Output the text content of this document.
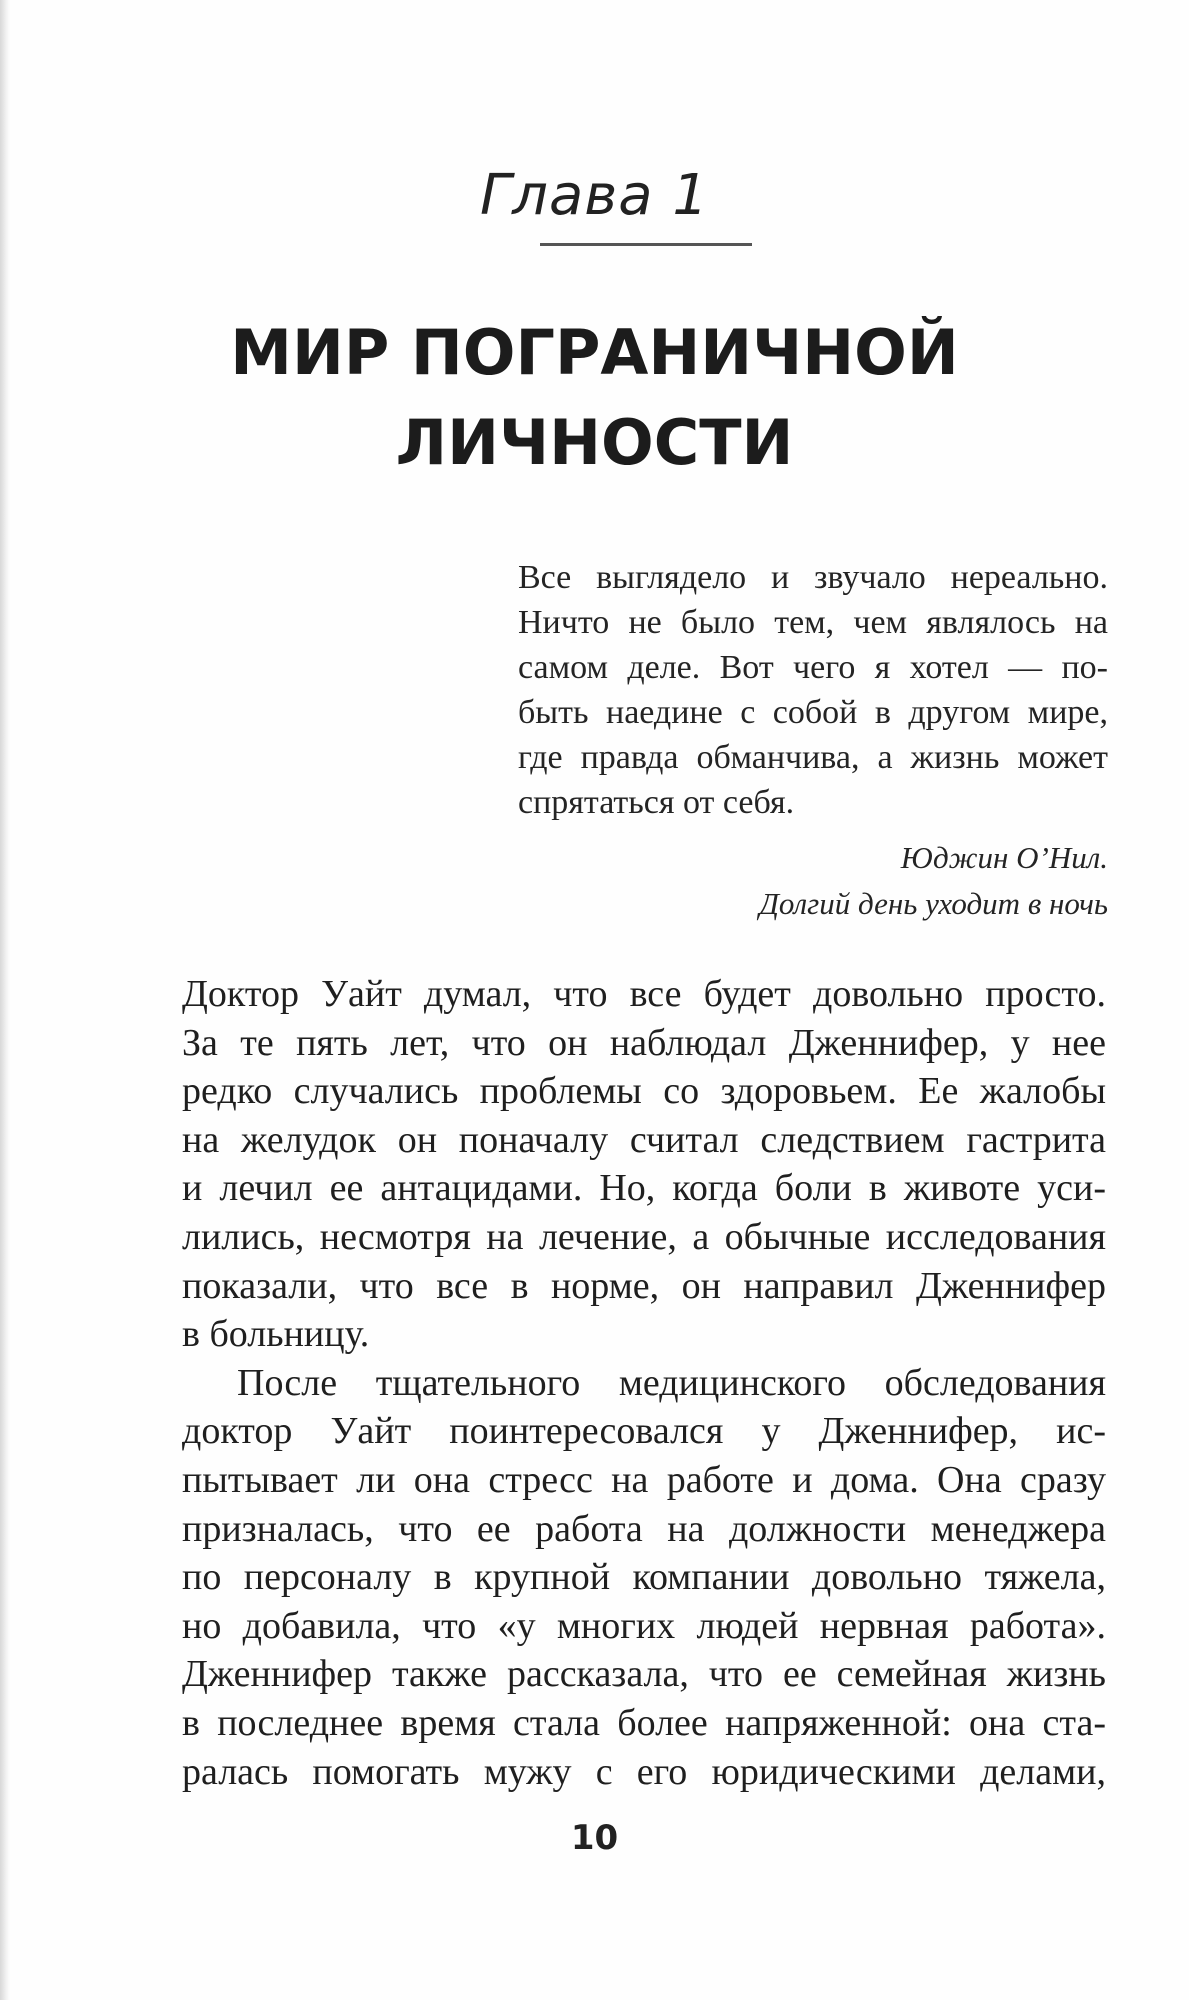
Глава 1
МИР ПОГРАНИЧНОЙ
ЛИЧНОСТИ
Все выглядело и звучало нереально.
Ничто не было тем, чем являлось на
самом деле. Вот чего я хотел — по-
быть наедине с собой в другом мире,
где правда обманчива, а жизнь может
спрятаться от себя.
Юджин О’Нил.
Долгий день уходит в ночь
Доктор Уайт думал, что все будет довольно просто.
За те пять лет, что он наблюдал Дженнифер, у нее
редко случались проблемы со здоровьем. Ее жалобы
на желудок он поначалу считал следствием гастрита
и лечил ее антацидами. Но, когда боли в животе уси-
лились, несмотря на лечение, а обычные исследования
показали, что все в норме, он направил Дженнифер
в больницу.
После тщательного медицинского обследования
доктор Уайт поинтересовался у Дженнифер, ис-
пытывает ли она стресс на работе и дома. Она сразу
призналась, что ее работа на должности менеджера
по персоналу в крупной компании довольно тяжела,
но добавила, что «у многих людей нервная работа».
Дженнифер также рассказала, что ее семейная жизнь
в последнее время стала более напряженной: она ста-
ралась помогать мужу с его юридическими делами,
10
